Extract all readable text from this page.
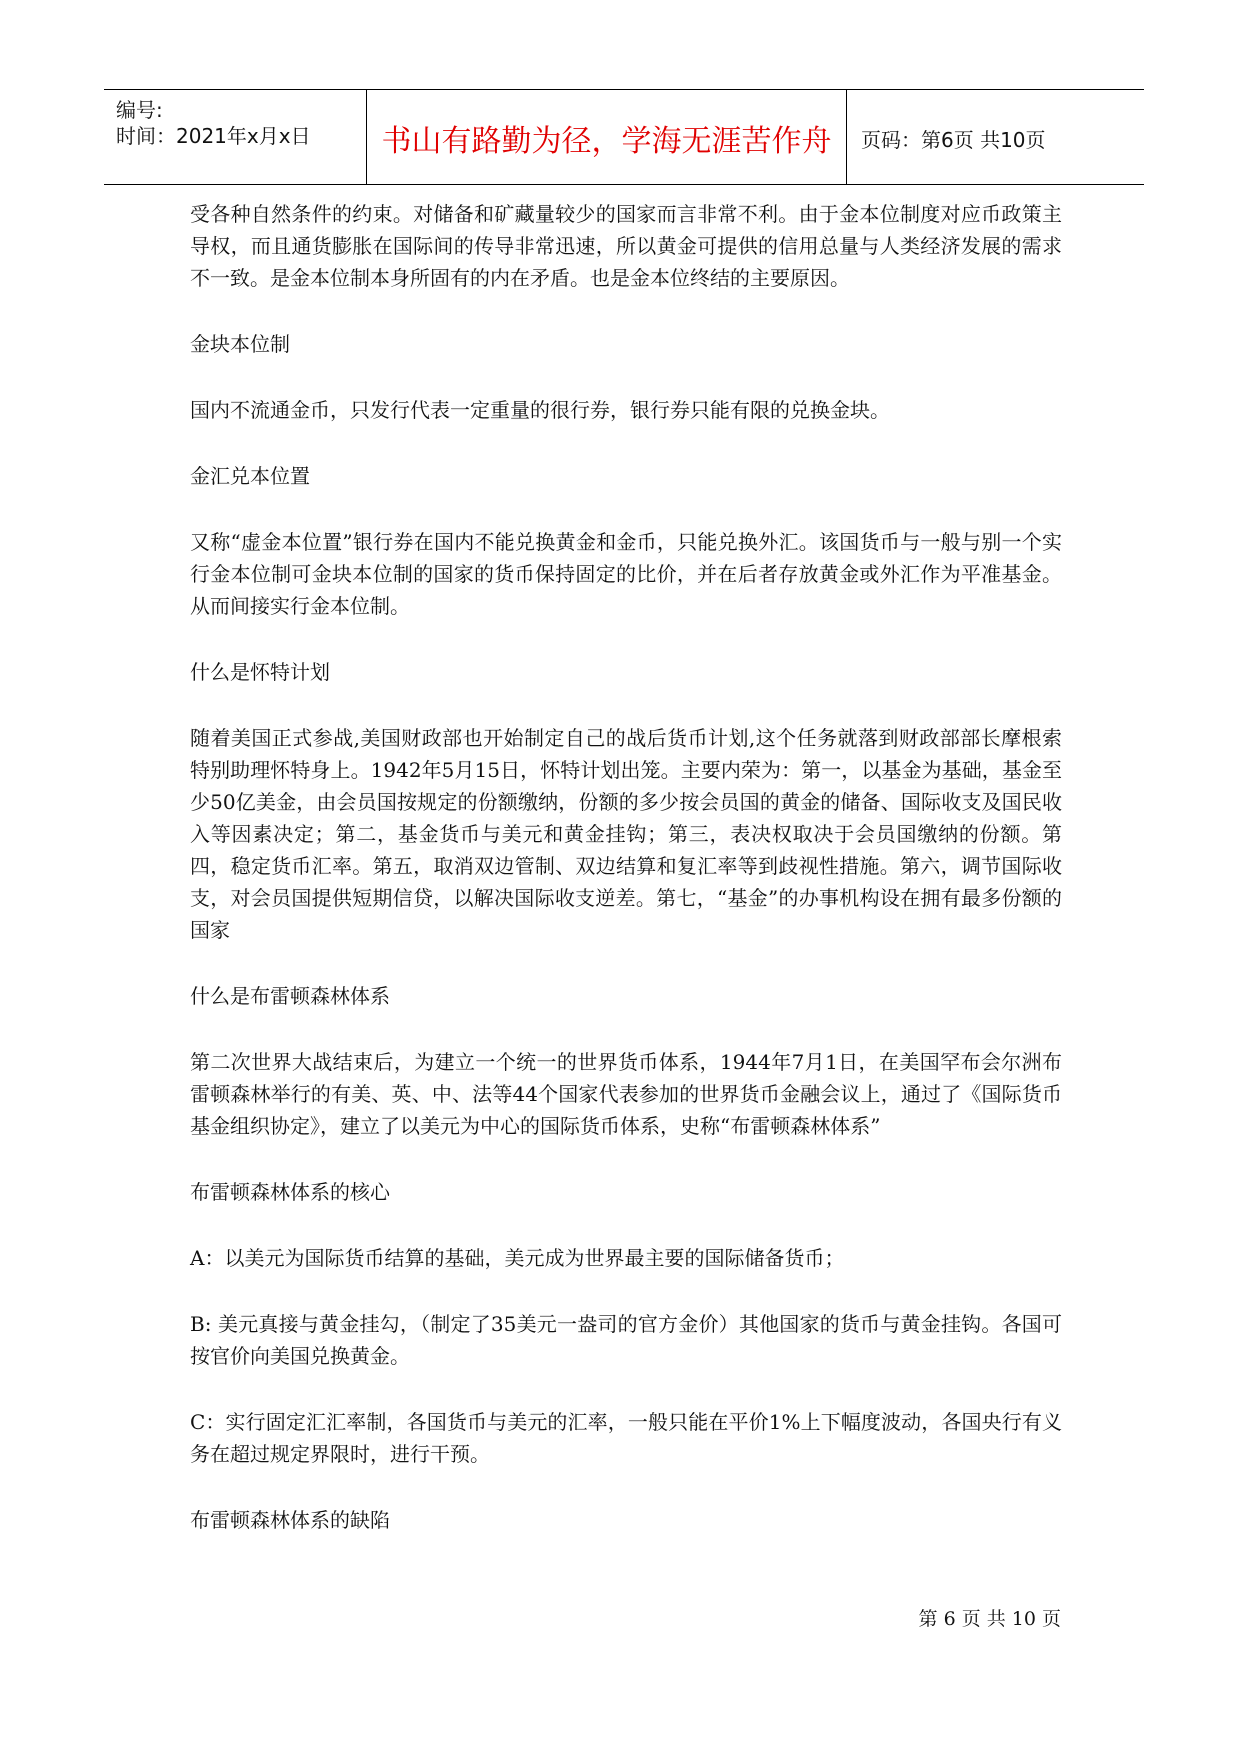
编号:
时间：2021年x月x日	书山有路勤为径，学海无涯苦作舟	页码：第6页 共10页

受各种自然条件的约束。对储备和矿藏量较少的国家而言非常不利。由于金本位制度对应币政策主导权，而且通货膨胀在国际间的传导非常迅速，所以黄金可提供的信用总量与人类经济发展的需求不一致。是金本位制本身所固有的内在矛盾。也是金本位终结的主要原因。

金块本位制

国内不流通金币，只发行代表一定重量的很行券，银行券只能有限的兑换金块。

金汇兑本位置

又称“虚金本位置”银行券在国内不能兑换黄金和金币，只能兑换外汇。该国货币与一般与别一个实行金本位制可金块本位制的国家的货币保持固定的比价，并在后者存放黄金或外汇作为平准基金。从而间接实行金本位制。

什么是怀特计划

随着美国正式参战,美国财政部也开始制定自己的战后货币计划,这个任务就落到财政部部长摩根索特别助理怀特身上。1942年5月15日，怀特计划出笼。主要内荣为：第一，以基金为基础，基金至少50亿美金，由会员国按规定的份额缴纳，份额的多少按会员国的黄金的储备、国际收支及国民收入等因素决定；第二，基金货币与美元和黄金挂钩；第三，表决权取决于会员国缴纳的份额。第四，稳定货币汇率。第五，取消双边管制、双边结算和复汇率等到歧视性措施。第六，调节国际收支，对会员国提供短期信贷，以解决国际收支逆差。第七，“基金”的办事机构设在拥有最多份额的国家

什么是布雷顿森林体系

第二次世界大战结束后，为建立一个统一的世界货币体系，1944年7月1日，在美国罕布会尔洲布雷顿森林举行的有美、英、中、法等44个国家代表参加的世界货币金融会议上，通过了《国际货币基金组织协定》，建立了以美元为中心的国际货币体系，史称“布雷顿森林体系”

布雷顿森林体系的核心

A：以美元为国际货币结算的基础，美元成为世界最主要的国际储备货币；

B: 美元真接与黄金挂勾，（制定了35美元一盎司的官方金价）其他国家的货币与黄金挂钩。各国可按官价向美国兑换黄金。

C：实行固定汇汇率制，各国货币与美元的汇率，一般只能在平价1%上下幅度波动，各国央行有义务在超过规定界限时，进行干预。

布雷顿森林体系的缺陷

第 6 页 共 10 页
